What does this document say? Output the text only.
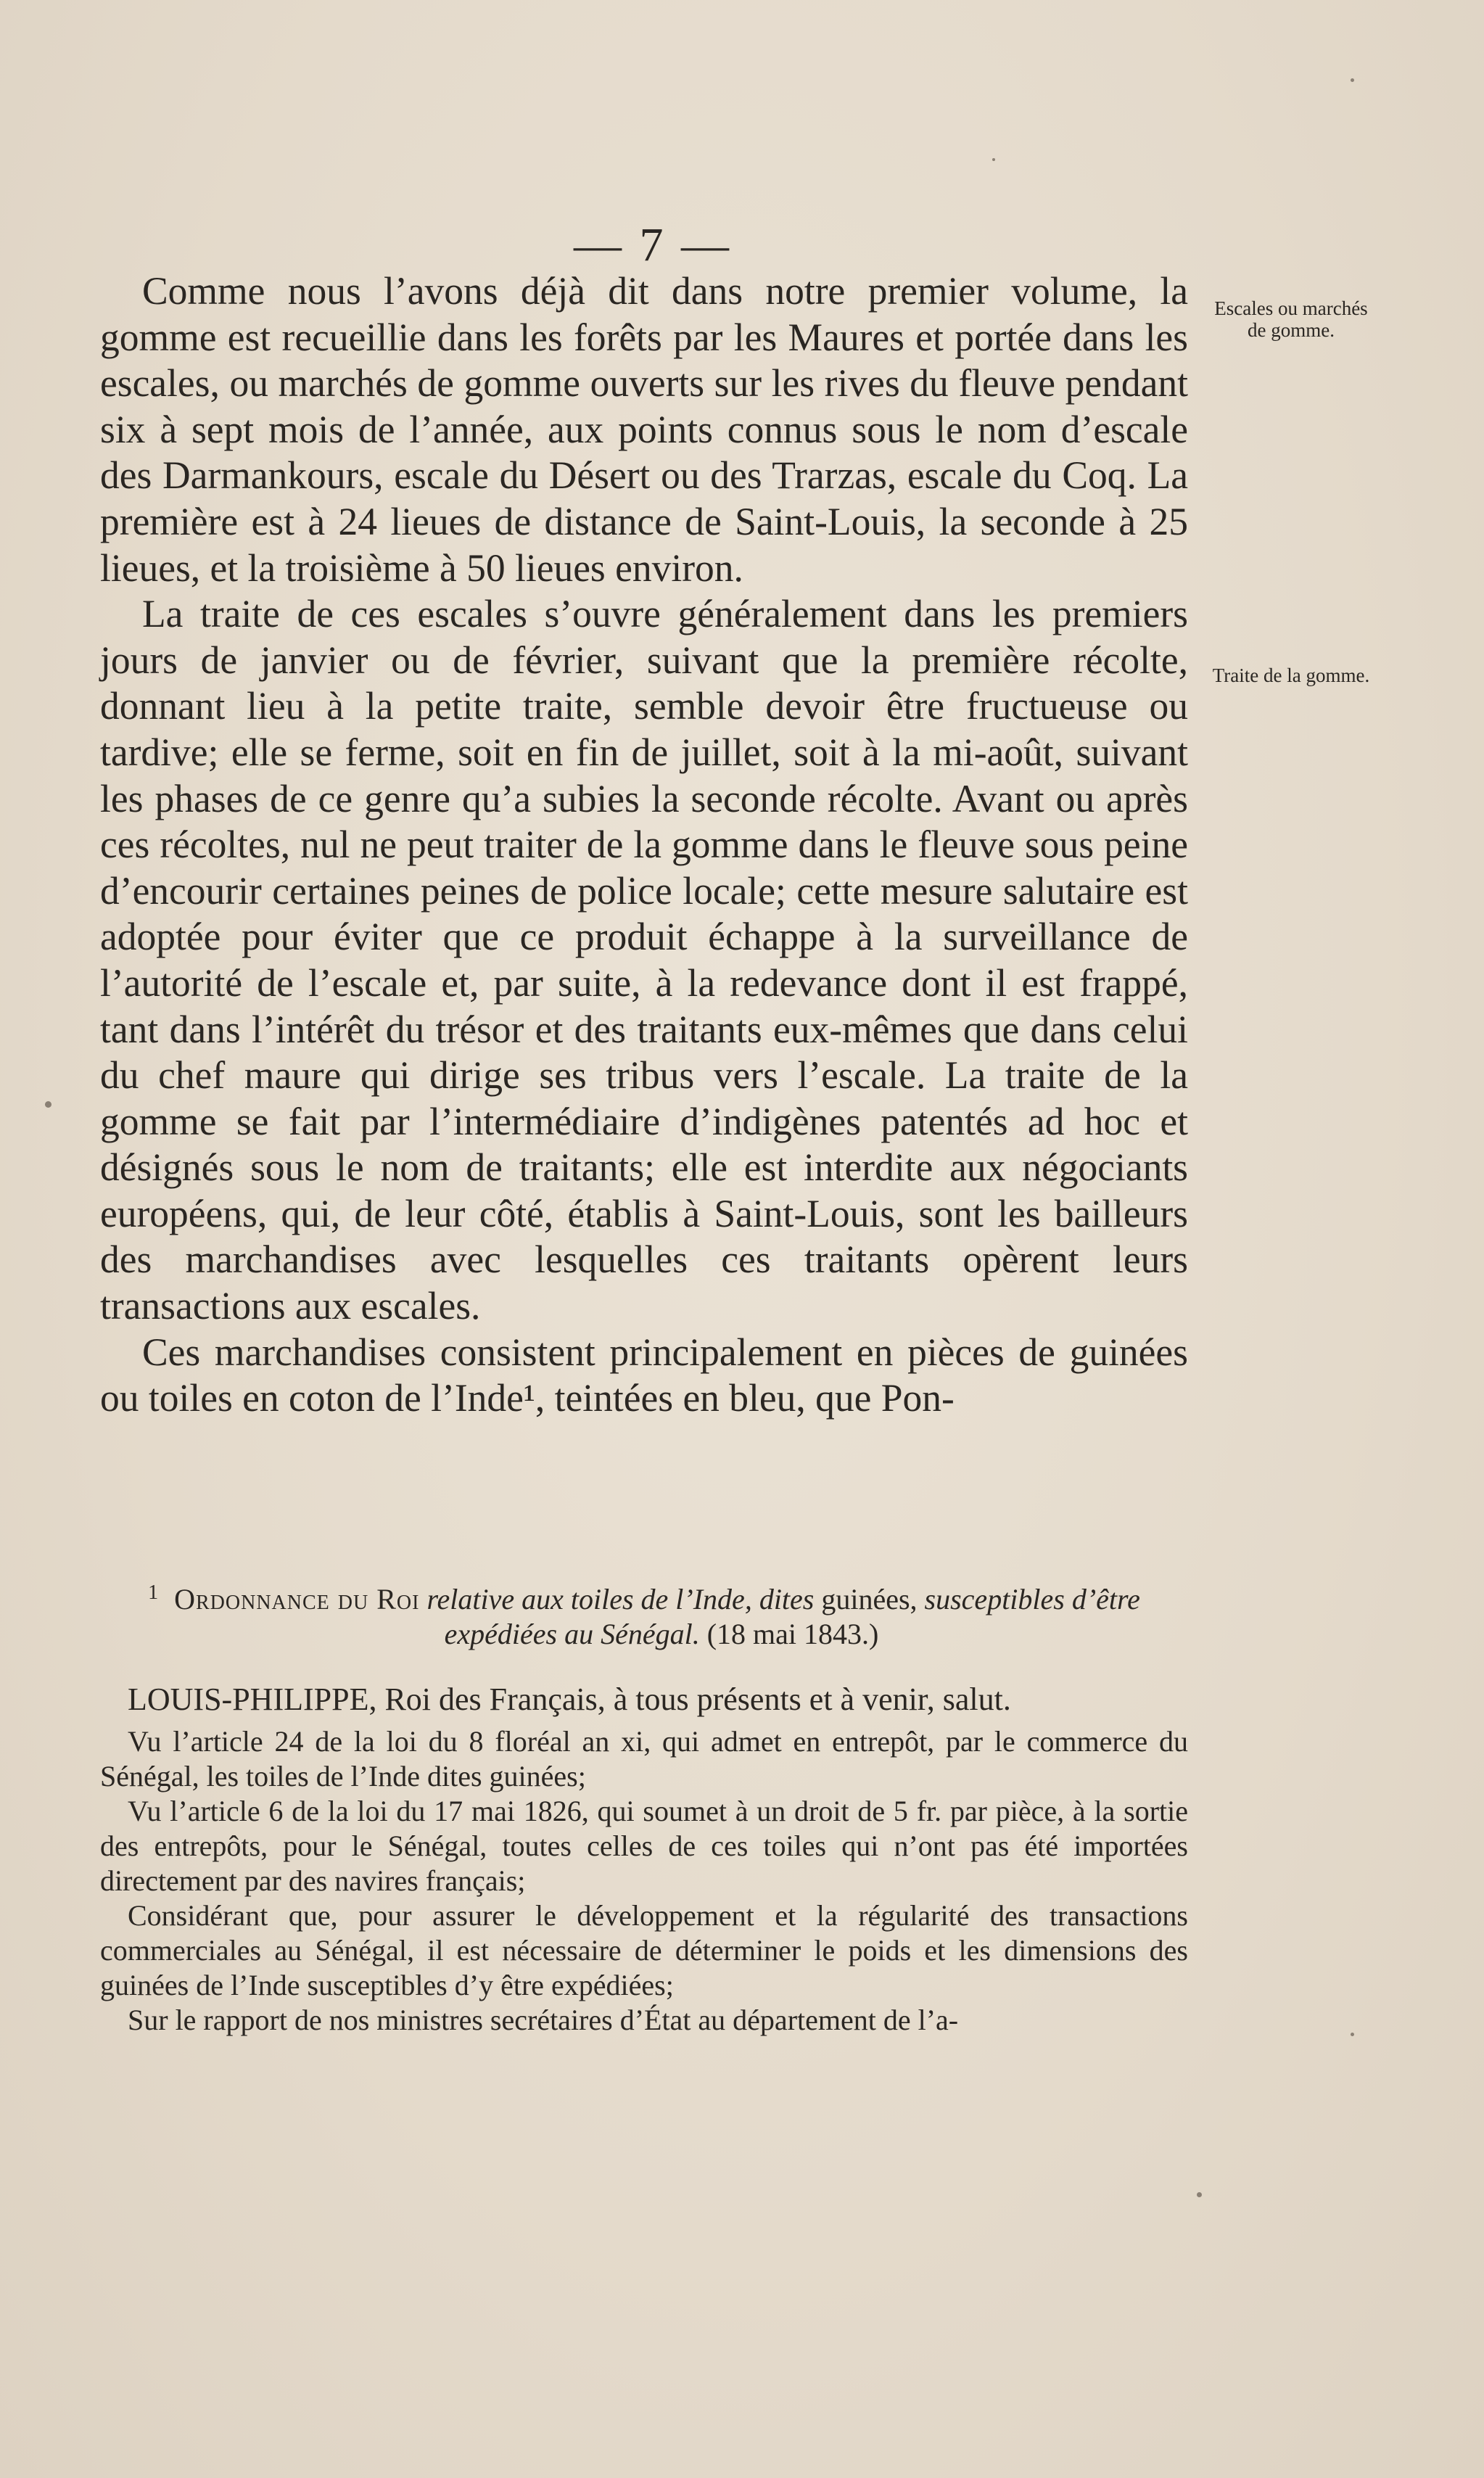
— 7 —
Escales ou marchés de gomme.
Traite de la gomme.

Comme nous l’avons déjà dit dans notre premier volume, la gomme est recueillie dans les forêts par les Maures et portée dans les escales, ou marchés de gomme ouverts sur les rives du fleuve pendant six à sept mois de l’année, aux points connus sous le nom d’escale des Darmankours, escale du Désert ou des Trarzas, escale du Coq. La première est à 24 lieues de distance de Saint-Louis, la seconde à 25 lieues, et la troisième à 50 lieues environ.

La traite de ces escales s’ouvre généralement dans les premiers jours de janvier ou de février, suivant que la première récolte, donnant lieu à la petite traite, semble devoir être fructueuse ou tardive; elle se ferme, soit en fin de juillet, soit à la mi-août, suivant les phases de ce genre qu’a subies la seconde récolte. Avant ou après ces récoltes, nul ne peut traiter de la gomme dans le fleuve sous peine d’encourir certaines peines de police locale; cette mesure salutaire est adoptée pour éviter que ce produit échappe à la surveillance de l’autorité de l’escale et, par suite, à la redevance dont il est frappé, tant dans l’intérêt du trésor et des traitants eux-mêmes que dans celui du chef maure qui dirige ses tribus vers l’escale. La traite de la gomme se fait par l’intermédiaire d’indigènes patentés ad hoc et désignés sous le nom de traitants; elle est interdite aux négociants européens, qui, de leur côté, établis à Saint-Louis, sont les bailleurs des marchandises avec lesquelles ces traitants opèrent leurs transactions aux escales.

Ces marchandises consistent principalement en pièces de guinées ou toiles en coton de l’Inde¹, teintées en bleu, que Pon-

$^1$ Ordonnance du Roi relative aux toiles de l’Inde, dites guinées, susceptibles d’être expédiées au Sénégal. (18 mai 1843.)

LOUIS-PHILIPPE, Roi des Français, à tous présents et à venir, salut.

Vu l’article 24 de la loi du 8 floréal an xi, qui admet en entrepôt, par le commerce du Sénégal, les toiles de l’Inde dites guinées;

Vu l’article 6 de la loi du 17 mai 1826, qui soumet à un droit de 5 fr. par pièce, à la sortie des entrepôts, pour le Sénégal, toutes celles de ces toiles qui n’ont pas été importées directement par des navires français;

Considérant que, pour assurer le développement et la régularité des transactions commerciales au Sénégal, il est nécessaire de déterminer le poids et les dimensions des guinées de l’Inde susceptibles d’y être expédiées;

Sur le rapport de nos ministres secrétaires d’État au département de l’a-
